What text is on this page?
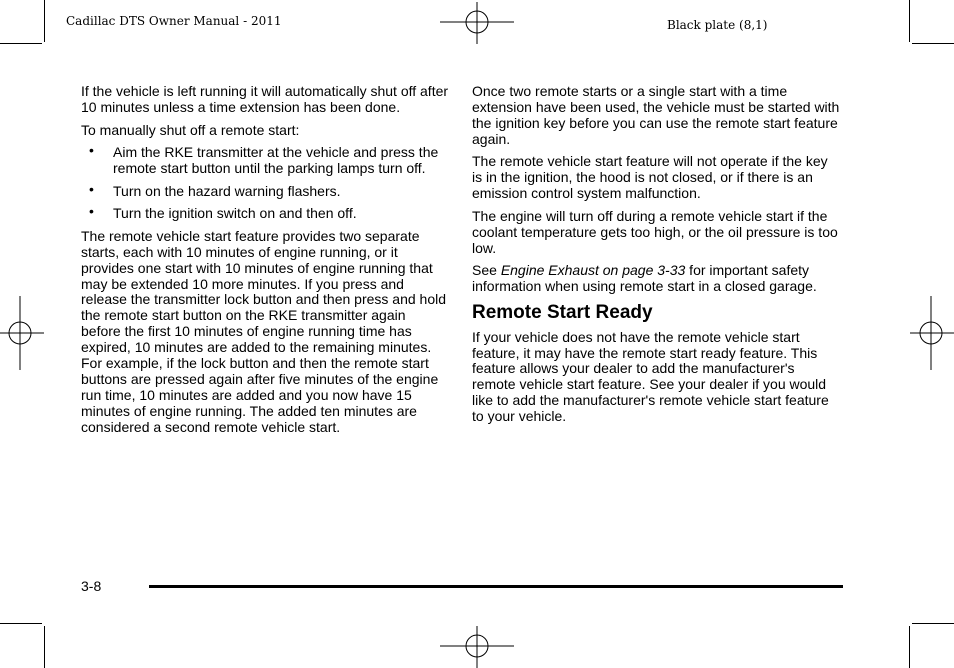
Cadillac DTS Owner Manual - 2011	Black plate (8,1)

If the vehicle is left running it will automatically shut off after 10 minutes unless a time extension has been done.

To manually shut off a remote start:

• Aim the RKE transmitter at the vehicle and press the remote start button until the parking lamps turn off.
• Turn on the hazard warning flashers.
• Turn the ignition switch on and then off.

The remote vehicle start feature provides two separate starts, each with 10 minutes of engine running, or it provides one start with 10 minutes of engine running that may be extended 10 more minutes. If you press and release the transmitter lock button and then press and hold the remote start button on the RKE transmitter again before the first 10 minutes of engine running time has expired, 10 minutes are added to the remaining minutes. For example, if the lock button and then the remote start buttons are pressed again after five minutes of the engine run time, 10 minutes are added and you now have 15 minutes of engine running. The added ten minutes are considered a second remote vehicle start.

Once two remote starts or a single start with a time extension have been used, the vehicle must be started with the ignition key before you can use the remote start feature again.

The remote vehicle start feature will not operate if the key is in the ignition, the hood is not closed, or if there is an emission control system malfunction.

The engine will turn off during a remote vehicle start if the coolant temperature gets too high, or the oil pressure is too low.

See Engine Exhaust on page 3‑33 for important safety information when using remote start in a closed garage.

Remote Start Ready

If your vehicle does not have the remote vehicle start feature, it may have the remote start ready feature. This feature allows your dealer to add the manufacturer's remote vehicle start feature. See your dealer if you would like to add the manufacturer's remote vehicle start feature to your vehicle.

3-8
